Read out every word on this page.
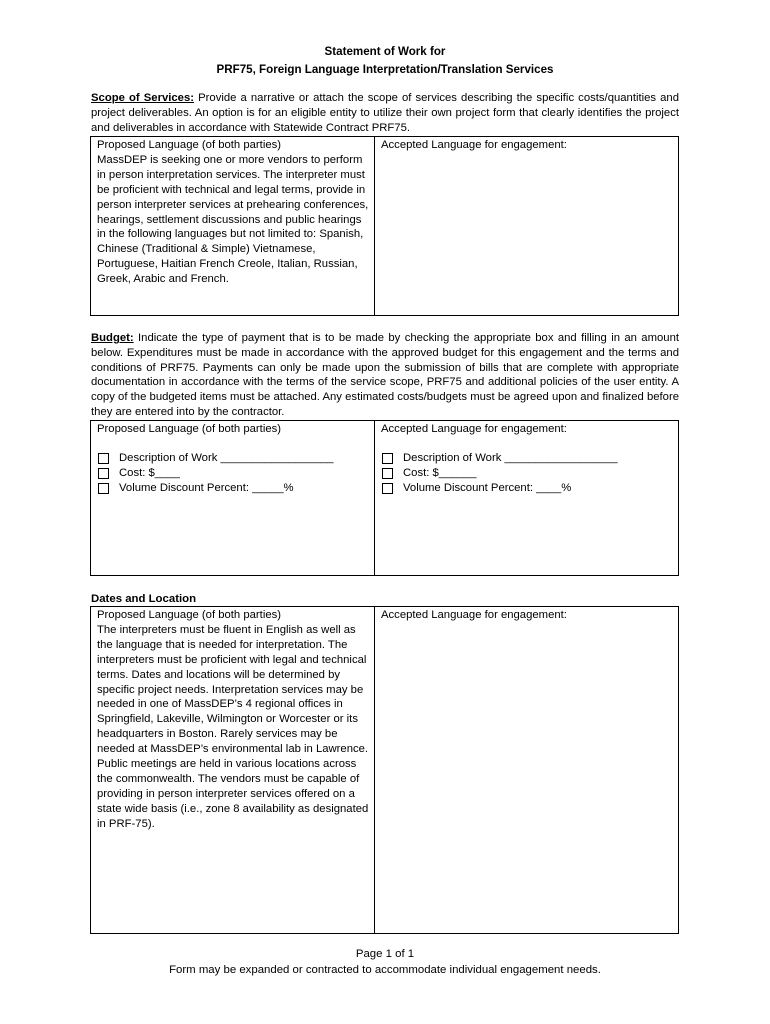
Statement of Work for
PRF75, Foreign Language Interpretation/Translation Services
Scope of Services: Provide a narrative or attach the scope of services describing the specific costs/quantities and project deliverables. An option is for an eligible entity to utilize their own project form that clearly identifies the project and deliverables in accordance with Statewide Contract PRF75.
Proposed Language (of both parties)
MassDEP is seeking one or more vendors to perform in person interpretation services. The interpreter must be proficient with technical and legal terms, provide in person interpreter services at prehearing conferences, hearings, settlement discussions and public hearings in the following languages but not limited to: Spanish, Chinese (Traditional & Simple) Vietnamese, Portuguese, Haitian French Creole, Italian, Russian, Greek, Arabic and French.
Accepted Language for engagement:
Budget: Indicate the type of payment that is to be made by checking the appropriate box and filling in an amount below. Expenditures must be made in accordance with the approved budget for this engagement and the terms and conditions of PRF75. Payments can only be made upon the submission of bills that are complete with appropriate documentation in accordance with the terms of the service scope, PRF75 and additional policies of the user entity. A copy of the budgeted items must be attached. Any estimated costs/budgets must be agreed upon and finalized before they are entered into by the contractor.
Proposed Language (of both parties)
Description of Work __________________
Cost: $____
Volume Discount Percent: _____%
Accepted Language for engagement:
Description of Work __________________
Cost: $______
Volume Discount Percent: ____%
Dates and Location
Proposed Language (of both parties)
The interpreters must be fluent in English as well as the language that is needed for interpretation. The interpreters must be proficient with legal and technical terms. Dates and locations will be determined by specific project needs. Interpretation services may be needed in one of MassDEP’s 4 regional offices in Springfield, Lakeville, Wilmington or Worcester or its headquarters in Boston. Rarely services may be needed at MassDEP’s environmental lab in Lawrence. Public meetings are held in various locations across the commonwealth. The vendors must be capable of providing in person interpreter services offered on a state wide basis (i.e., zone 8 availability as designated in PRF-75).
Accepted Language for engagement:
Page 1 of 1
Form may be expanded or contracted to accommodate individual engagement needs.
